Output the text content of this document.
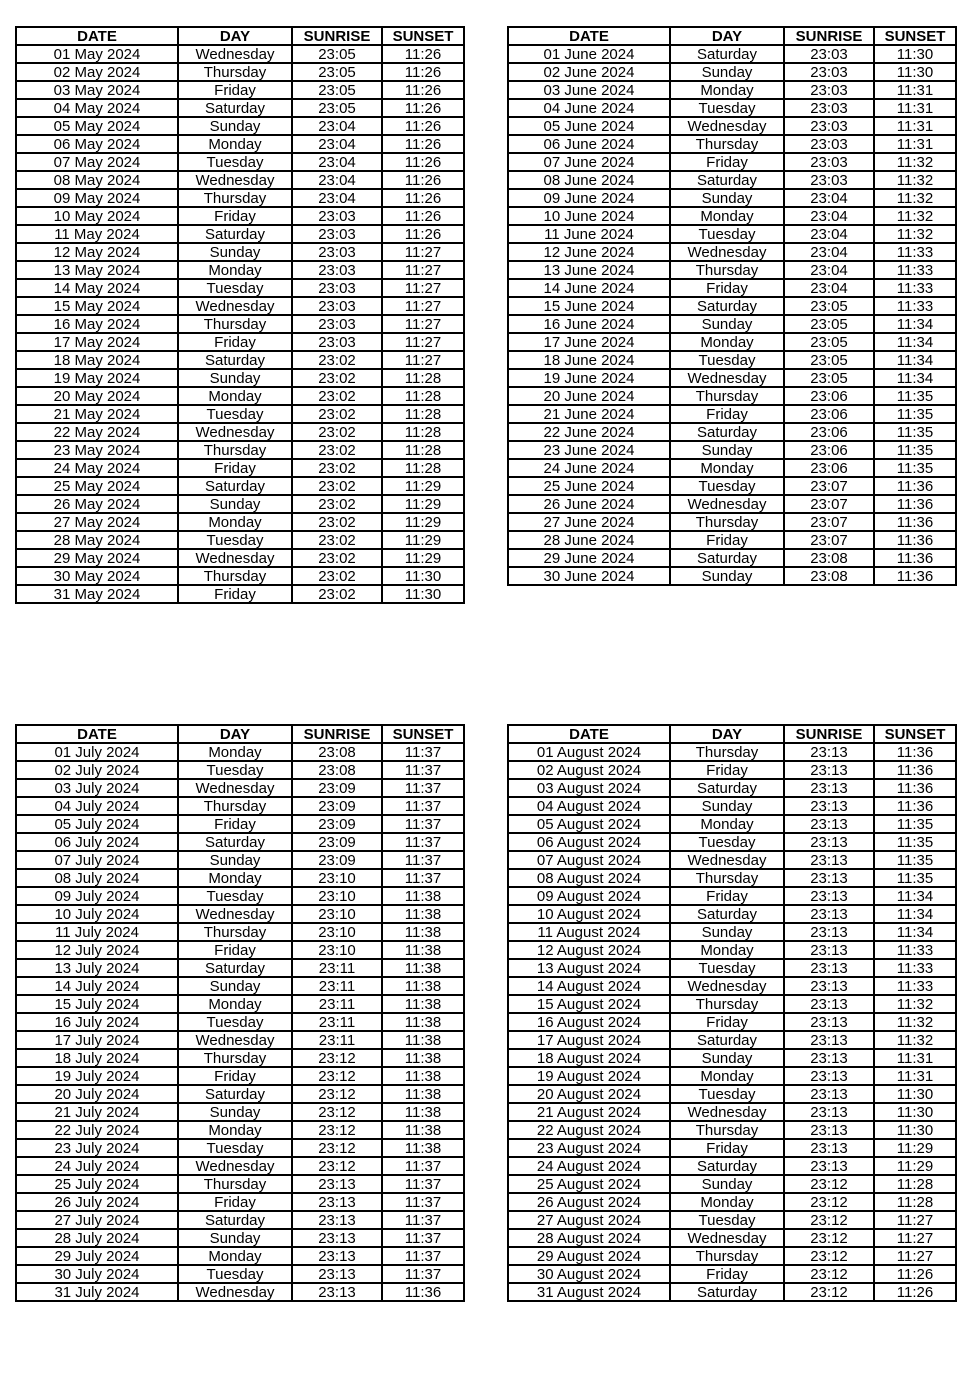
DATE	DAY	SUNRISE	SUNSET
01 May 2024	Wednesday	23:05	11:26
02 May 2024	Thursday	23:05	11:26
03 May 2024	Friday	23:05	11:26
04 May 2024	Saturday	23:05	11:26
05 May 2024	Sunday	23:04	11:26
06 May 2024	Monday	23:04	11:26
07 May 2024	Tuesday	23:04	11:26
08 May 2024	Wednesday	23:04	11:26
09 May 2024	Thursday	23:04	11:26
10 May 2024	Friday	23:03	11:26
11 May 2024	Saturday	23:03	11:26
12 May 2024	Sunday	23:03	11:27
13 May 2024	Monday	23:03	11:27
14 May 2024	Tuesday	23:03	11:27
15 May 2024	Wednesday	23:03	11:27
16 May 2024	Thursday	23:03	11:27
17 May 2024	Friday	23:03	11:27
18 May 2024	Saturday	23:02	11:27
19 May 2024	Sunday	23:02	11:28
20 May 2024	Monday	23:02	11:28
21 May 2024	Tuesday	23:02	11:28
22 May 2024	Wednesday	23:02	11:28
23 May 2024	Thursday	23:02	11:28
24 May 2024	Friday	23:02	11:28
25 May 2024	Saturday	23:02	11:29
26 May 2024	Sunday	23:02	11:29
27 May 2024	Monday	23:02	11:29
28 May 2024	Tuesday	23:02	11:29
29 May 2024	Wednesday	23:02	11:29
30 May 2024	Thursday	23:02	11:30
31 May 2024	Friday	23:02	11:30
DATE	DAY	SUNRISE	SUNSET
01 June 2024	Saturday	23:03	11:30
02 June 2024	Sunday	23:03	11:30
03 June 2024	Monday	23:03	11:31
04 June 2024	Tuesday	23:03	11:31
05 June 2024	Wednesday	23:03	11:31
06 June 2024	Thursday	23:03	11:31
07 June 2024	Friday	23:03	11:32
08 June 2024	Saturday	23:03	11:32
09 June 2024	Sunday	23:04	11:32
10 June 2024	Monday	23:04	11:32
11 June 2024	Tuesday	23:04	11:32
12 June 2024	Wednesday	23:04	11:33
13 June 2024	Thursday	23:04	11:33
14 June 2024	Friday	23:04	11:33
15 June 2024	Saturday	23:05	11:33
16 June 2024	Sunday	23:05	11:34
17 June 2024	Monday	23:05	11:34
18 June 2024	Tuesday	23:05	11:34
19 June 2024	Wednesday	23:05	11:34
20 June 2024	Thursday	23:06	11:35
21 June 2024	Friday	23:06	11:35
22 June 2024	Saturday	23:06	11:35
23 June 2024	Sunday	23:06	11:35
24 June 2024	Monday	23:06	11:35
25 June 2024	Tuesday	23:07	11:36
26 June 2024	Wednesday	23:07	11:36
27 June 2024	Thursday	23:07	11:36
28 June 2024	Friday	23:07	11:36
29 June 2024	Saturday	23:08	11:36
30 June 2024	Sunday	23:08	11:36
DATE	DAY	SUNRISE	SUNSET
01 July 2024	Monday	23:08	11:37
02 July 2024	Tuesday	23:08	11:37
03 July 2024	Wednesday	23:09	11:37
04 July 2024	Thursday	23:09	11:37
05 July 2024	Friday	23:09	11:37
06 July 2024	Saturday	23:09	11:37
07 July 2024	Sunday	23:09	11:37
08 July 2024	Monday	23:10	11:37
09 July 2024	Tuesday	23:10	11:38
10 July 2024	Wednesday	23:10	11:38
11 July 2024	Thursday	23:10	11:38
12 July 2024	Friday	23:10	11:38
13 July 2024	Saturday	23:11	11:38
14 July 2024	Sunday	23:11	11:38
15 July 2024	Monday	23:11	11:38
16 July 2024	Tuesday	23:11	11:38
17 July 2024	Wednesday	23:11	11:38
18 July 2024	Thursday	23:12	11:38
19 July 2024	Friday	23:12	11:38
20 July 2024	Saturday	23:12	11:38
21 July 2024	Sunday	23:12	11:38
22 July 2024	Monday	23:12	11:38
23 July 2024	Tuesday	23:12	11:38
24 July 2024	Wednesday	23:12	11:37
25 July 2024	Thursday	23:13	11:37
26 July 2024	Friday	23:13	11:37
27 July 2024	Saturday	23:13	11:37
28 July 2024	Sunday	23:13	11:37
29 July 2024	Monday	23:13	11:37
30 July 2024	Tuesday	23:13	11:37
31 July 2024	Wednesday	23:13	11:36
DATE	DAY	SUNRISE	SUNSET
01 August 2024	Thursday	23:13	11:36
02 August 2024	Friday	23:13	11:36
03 August 2024	Saturday	23:13	11:36
04 August 2024	Sunday	23:13	11:36
05 August 2024	Monday	23:13	11:35
06 August 2024	Tuesday	23:13	11:35
07 August 2024	Wednesday	23:13	11:35
08 August 2024	Thursday	23:13	11:35
09 August 2024	Friday	23:13	11:34
10 August 2024	Saturday	23:13	11:34
11 August 2024	Sunday	23:13	11:34
12 August 2024	Monday	23:13	11:33
13 August 2024	Tuesday	23:13	11:33
14 August 2024	Wednesday	23:13	11:33
15 August 2024	Thursday	23:13	11:32
16 August 2024	Friday	23:13	11:32
17 August 2024	Saturday	23:13	11:32
18 August 2024	Sunday	23:13	11:31
19 August 2024	Monday	23:13	11:31
20 August 2024	Tuesday	23:13	11:30
21 August 2024	Wednesday	23:13	11:30
22 August 2024	Thursday	23:13	11:30
23 August 2024	Friday	23:13	11:29
24 August 2024	Saturday	23:13	11:29
25 August 2024	Sunday	23:12	11:28
26 August 2024	Monday	23:12	11:28
27 August 2024	Tuesday	23:12	11:27
28 August 2024	Wednesday	23:12	11:27
29 August 2024	Thursday	23:12	11:27
30 August 2024	Friday	23:12	11:26
31 August 2024	Saturday	23:12	11:26
